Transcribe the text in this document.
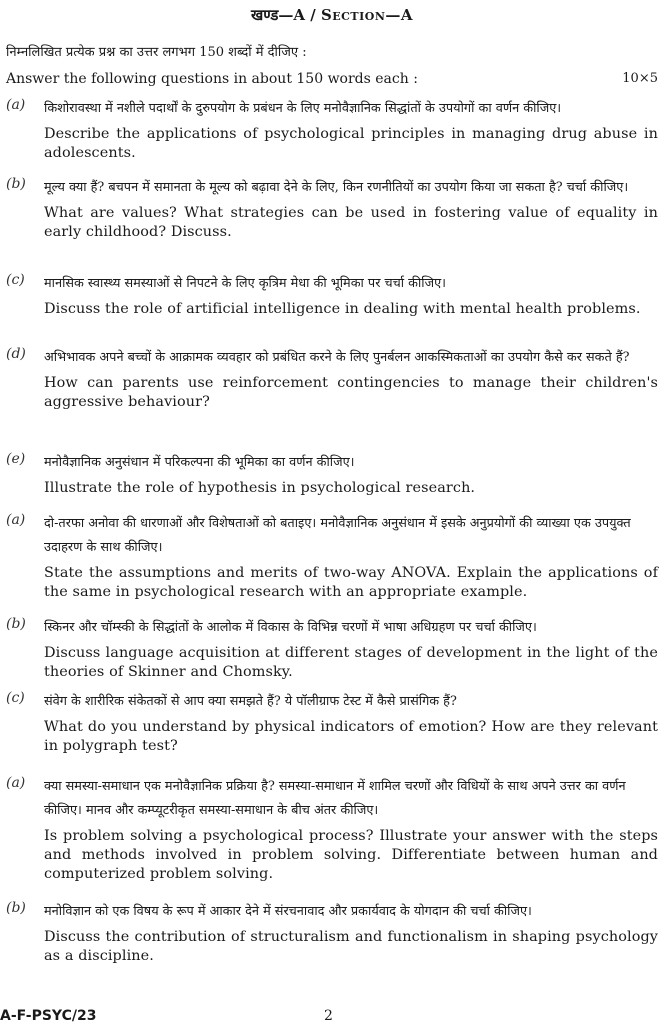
खण्ड—A / Section—A
निम्नलिखित प्रत्येक प्रश्न का उत्तर लगभग 150 शब्दों में दीजिए :
Answer the following questions in about 150 words each :	10×5
(a) किशोरावस्था में नशीले पदार्थों के दुरुपयोग के प्रबंधन के लिए मनोवैज्ञानिक सिद्धांतों के उपयोगों का वर्णन कीजिए।
Describe the applications of psychological principles in managing drug abuse in adolescents.
(b) मूल्य क्या हैं? बचपन में समानता के मूल्य को बढ़ावा देने के लिए, किन रणनीतियों का उपयोग किया जा सकता है? चर्चा कीजिए।
What are values? What strategies can be used in fostering value of equality in early childhood? Discuss.
(c) मानसिक स्वास्थ्य समस्याओं से निपटने के लिए कृत्रिम मेधा की भूमिका पर चर्चा कीजिए।
Discuss the role of artificial intelligence in dealing with mental health problems.
(d) अभिभावक अपने बच्चों के आक्रामक व्यवहार को प्रबंधित करने के लिए पुनर्बलन आकस्मिकताओं का उपयोग कैसे कर सकते हैं?
How can parents use reinforcement contingencies to manage their children's aggressive behaviour?
(e) मनोवैज्ञानिक अनुसंधान में परिकल्पना की भूमिका का वर्णन कीजिए।
Illustrate the role of hypothesis in psychological research.
(a) दो-तरफा अनोवा की धारणाओं और विशेषताओं को बताइए। मनोवैज्ञानिक अनुसंधान में इसके अनुप्रयोगों की व्याख्या एक उपयुक्त उदाहरण के साथ कीजिए।
State the assumptions and merits of two-way ANOVA. Explain the applications of the same in psychological research with an appropriate example.
(b) स्किनर और चॉम्स्की के सिद्धांतों के आलोक में विकास के विभिन्न चरणों में भाषा अधिग्रहण पर चर्चा कीजिए।
Discuss language acquisition at different stages of development in the light of the theories of Skinner and Chomsky.
(c) संवेग के शारीरिक संकेतकों से आप क्या समझते हैं? ये पॉलीग्राफ टेस्ट में कैसे प्रासंगिक हैं?
What do you understand by physical indicators of emotion? How are they relevant in polygraph test?
(a) क्या समस्या-समाधान एक मनोवैज्ञानिक प्रक्रिया है? समस्या-समाधान में शामिल चरणों और विधियों के साथ अपने उत्तर का वर्णन कीजिए। मानव और कम्प्यूटरीकृत समस्या-समाधान के बीच अंतर कीजिए।
Is problem solving a psychological process? Illustrate your answer with the steps and methods involved in problem solving. Differentiate between human and computerized problem solving.
(b) मनोविज्ञान को एक विषय के रूप में आकार देने में संरचनावाद और प्रकार्यवाद के योगदान की चर्चा कीजिए।
Discuss the contribution of structuralism and functionalism in shaping psychology as a discipline.
A-F-PSYC/23	2
